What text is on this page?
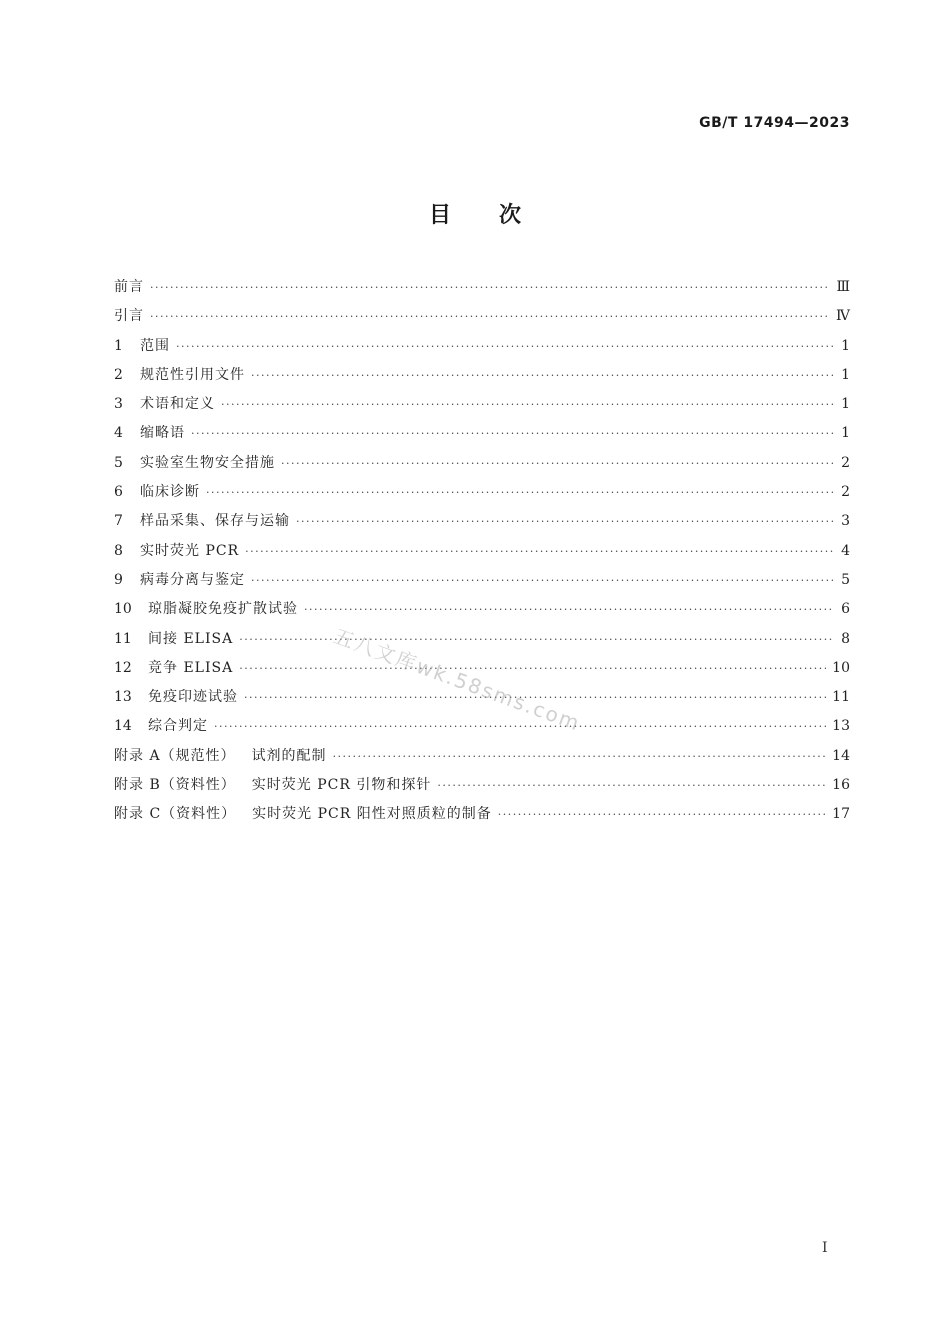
GB/T 17494—2023
目次
前言 ·····	Ⅲ
引言 ·····	Ⅳ
1	范围 ·····	1
2	规范性引用文件 ·····	1
3	术语和定义 ·····	1
4	缩略语 ·····	1
5	实验室生物安全措施 ·····	2
6	临床诊断 ·····	2
7	样品采集、保存与运输 ·····	3
8	实时荧光 PCR ·····	4
9	病毒分离与鉴定 ·····	5
10	琼脂凝胶免疫扩散试验 ·····	6
11	间接 ELISA ·····	8
12	竞争 ELISA ·····	10
13	免疫印迹试验 ·····	11
14	综合判定 ·····	13
附录 A（规范性）	试剂的配制 ·····	14
附录 B（资料性）	实时荧光 PCR 引物和探针 ·····	16
附录 C（资料性）	实时荧光 PCR 阳性对照质粒的制备 ·····	17
五八文库wk.58sms.com
I
